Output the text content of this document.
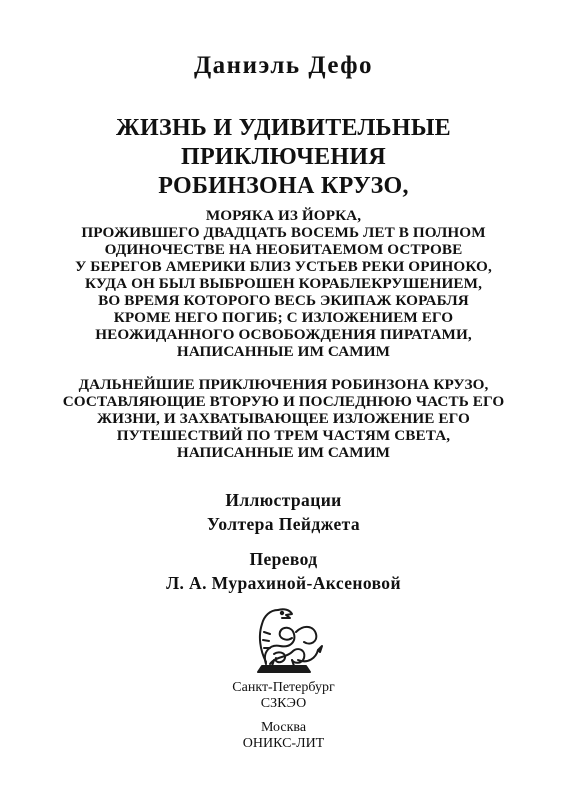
Даниэль Дефо
ЖИЗНЬ И УДИВИТЕЛЬНЫЕ
ПРИКЛЮЧЕНИЯ
РОБИНЗОНА КРУЗО,
МОРЯКА ИЗ ЙОРКА,
ПРОЖИВШЕГО ДВАДЦАТЬ ВОСЕМЬ ЛЕТ В ПОЛНОМ
ОДИНОЧЕСТВЕ НА НЕОБИТАЕМОМ ОСТРОВЕ
У БЕРЕГОВ АМЕРИКИ БЛИЗ УСТЬЕВ РЕКИ ОРИНОКО,
КУДА ОН БЫЛ ВЫБРОШЕН КОРАБЛЕКРУШЕНИЕМ,
ВО ВРЕМЯ КОТОРОГО ВЕСЬ ЭКИПАЖ КОРАБЛЯ
КРОМЕ НЕГО ПОГИБ; С ИЗЛОЖЕНИЕМ ЕГО
НЕОЖИДАННОГО ОСВОБОЖДЕНИЯ ПИРАТАМИ,
НАПИСАННЫЕ ИМ САМИМ
ДАЛЬНЕЙШИЕ ПРИКЛЮЧЕНИЯ РОБИНЗОНА КРУЗО,
СОСТАВЛЯЮЩИЕ ВТОРУЮ И ПОСЛЕДНЮЮ ЧАСТЬ ЕГО
ЖИЗНИ, И ЗАХВАТЫВАЮЩЕЕ ИЗЛОЖЕНИЕ ЕГО
ПУТЕШЕСТВИЙ ПО ТРЕМ ЧАСТЯМ СВЕТА,
НАПИСАННЫЕ ИМ САМИМ
Иллюстрации
Уолтера Пейджета
Перевод
Л. А. Мурахиной-Аксеновой
Санкт-Петербург
СЗКЭО
Москва
ОНИКС-ЛИТ
